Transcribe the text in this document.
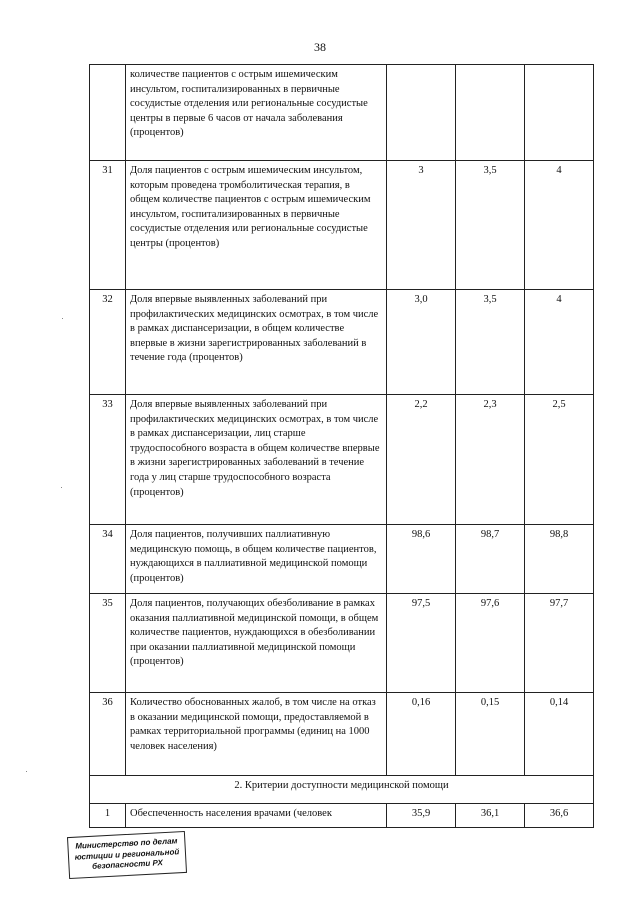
38
	количестве пациентов с острым ишемическим инсультом, госпитализированных в первичные сосудистые отделения или региональные сосудистые центры в первые 6 часов от начала заболевания (процентов)			
31	Доля пациентов с острым ишемическим инсультом, которым проведена тромболитическая терапия, в общем количестве пациентов с острым ишемическим инсультом, госпитализированных в первичные сосудистые отделения или региональные сосудистые центры (процентов)	3	3,5	4
32	Доля впервые выявленных заболеваний при профилактических медицинских осмотрах, в том числе в рамках диспансеризации, в общем количестве впервые в жизни зарегистрированных заболеваний в течение года (процентов)	3,0	3,5	4
33	Доля впервые выявленных заболеваний при профилактических медицинских осмотрах, в том числе в рамках диспансеризации, лиц старше трудоспособного возраста в общем количестве впервые в жизни зарегистрированных заболеваний в течение года у лиц старше трудоспособного возраста (процентов)	2,2	2,3	2,5
34	Доля пациентов, получивших паллиативную медицинскую помощь, в общем количестве пациентов, нуждающихся в паллиативной медицинской помощи (процентов)	98,6	98,7	98,8
35	Доля пациентов, получающих обезболивание в рамках оказания паллиативной медицинской помощи, в общем количестве пациентов, нуждающихся в обезболивании при оказании паллиативной медицинской помощи (процентов)	97,5	97,6	97,7
36	Количество обоснованных жалоб, в том числе на отказ в оказании медицинской помощи, предоставляемой в рамках территориальной программы (единиц на 1000 человек населения)	0,16	0,15	0,14
2. Критерии доступности медицинской помощи				
1	Обеспеченность населения врачами (человек	35,9	36,1	36,6
Министерство по делам
юстиции и региональной
безопасности РХ
